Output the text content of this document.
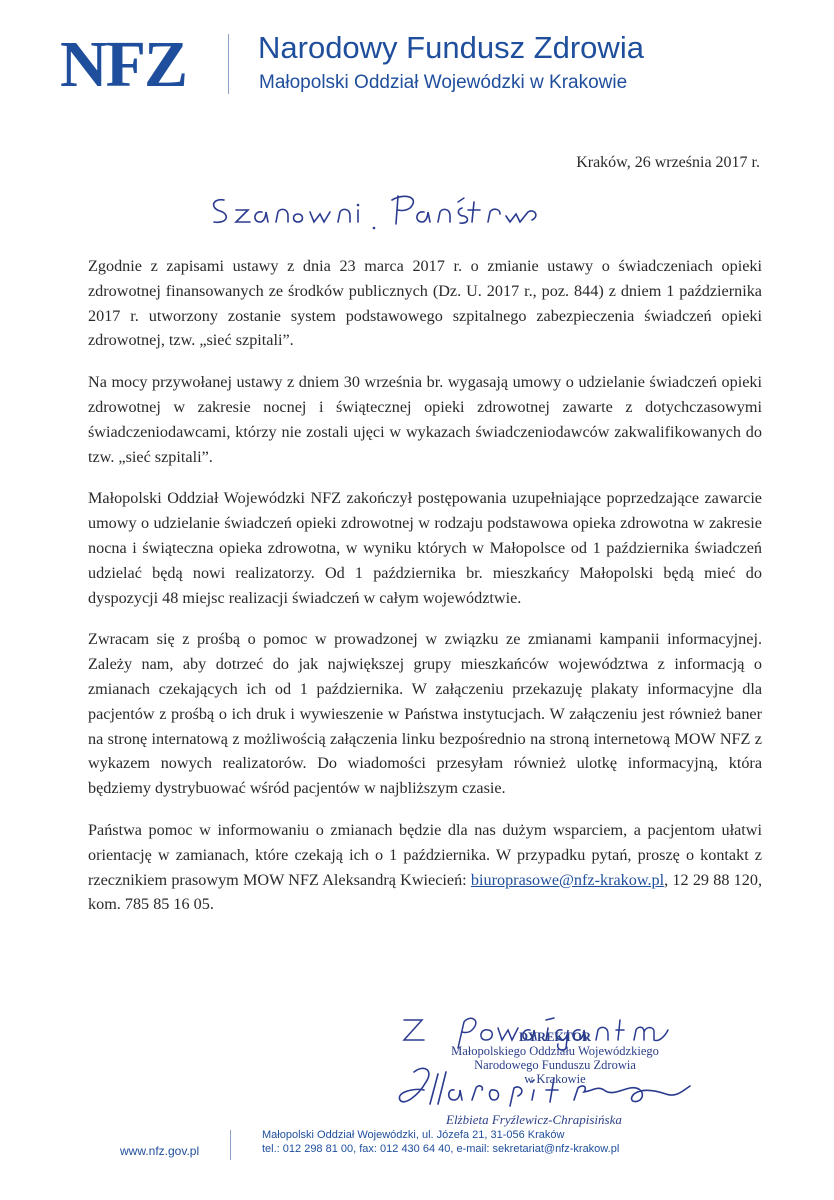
NFZ	Narodowy Fundusz Zdrowia
Małopolski Oddział Wojewódzki w Krakowie
Kraków, 26 września 2017 r.

Zgodnie z zapisami ustawy z dnia 23 marca 2017 r. o zmianie ustawy o świadczeniach opieki zdrowotnej finansowanych ze środków publicznych (Dz. U. 2017 r., poz. 844) z dniem 1 października 2017 r. utworzony zostanie system podstawowego szpitalnego zabezpieczenia świadczeń opieki zdrowotnej, tzw. „sieć szpitali”.

Na mocy przywołanej ustawy z dniem 30 września br. wygasają umowy o udzielanie świadczeń opieki zdrowotnej w zakresie nocnej i świątecznej opieki zdrowotnej zawarte z dotychczasowymi świadczeniodawcami, którzy nie zostali ujęci w wykazach świadczeniodawców zakwalifikowanych do tzw. „sieć szpitali”.

Małopolski Oddział Wojewódzki NFZ zakończył postępowania uzupełniające poprzedzające zawarcie umowy o udzielanie świadczeń opieki zdrowotnej w rodzaju podstawowa opieka zdrowotna w zakresie nocna i świąteczna opieka zdrowotna, w wyniku których w Małopolsce od 1 października świadczeń udzielać będą nowi realizatorzy. Od 1 października br. mieszkańcy Małopolski będą mieć do dyspozycji 48 miejsc realizacji świadczeń w całym województwie.

Zwracam się z prośbą o pomoc w prowadzonej w związku ze zmianami kampanii informacyjnej. Zależy nam, aby dotrzeć do jak największej grupy mieszkańców województwa z informacją o zmianach czekających ich od 1 października. W załączeniu przekazuję plakaty informacyjne dla pacjentów z prośbą o ich druk i wywieszenie w Państwa instytucjach. W załączeniu jest również baner na stronę internatową z możliwością załączenia linku bezpośrednio na stroną internetową MOW NFZ z wykazem nowych realizatorów. Do wiadomości przesyłam również ulotkę informacyjną, która będziemy dystrybuować wśród pacjentów w najbliższym czasie.

Państwa pomoc w informowaniu o zmianach będzie dla nas dużym wsparciem, a pacjentom ułatwi orientację w zamianach, które czekają ich o 1 października. W przypadku pytań, proszę o kontakt z rzecznikiem prasowym MOW NFZ Aleksandrą Kwiecień: biuroprasowe@nfz-krakow.pl, 12 29 88 120, kom. 785 85 16 05.

DYREKTOR
Małopolskiego Oddziału Wojewódzkiego
Narodowego Funduszu Zdrowia
w Krakowie
Elżbieta Fryźlewicz-Chrapisińska
www.nfz.gov.pl
Małopolski Oddział Wojewódzki, ul. Józefa 21, 31-056 Kraków
tel.: 012 298 81 00, fax: 012 430 64 40, e-mail: sekretariat@nfz-krakow.pl
